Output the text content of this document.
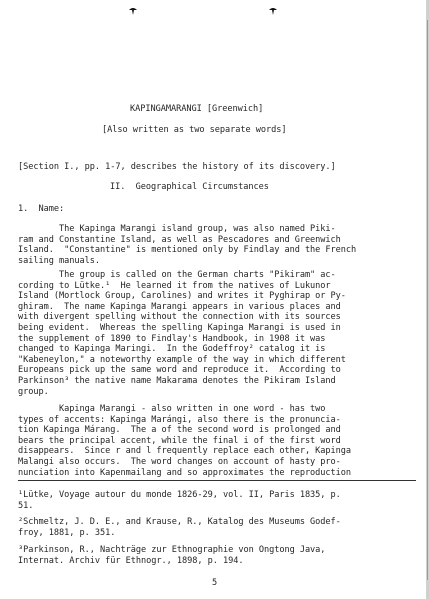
KAPINGAMARANGI [Greenwich]
[Also written as two separate words]
[Section I., pp. 1-7, describes the history of its discovery.]
II.  Geographical Circumstances
1.  Name:
The Kapinga Marangi island group, was also named Piki-
ram and Constantine Island, as well as Pescadores and Greenwich
Island.  "Constantine" is mentioned only by Findlay and the French
sailing manuals.
The group is called on the German charts "Pikiram" ac-
cording to Lütke.¹  He learned it from the natives of Lukunor
Island (Mortlock Group, Carolines) and writes it Pyghirap or Py-
ghiram.  The name Kapinga Marangi appears in various places and
with divergent spelling without the connection with its sources
being evident.  Whereas the spelling Kapinga Marangi is used in
the supplement of 1890 to Findlay's Handbook, in 1908 it was
changed to Kapinga Maringi.  In the Godeffroy² catalog it is
"Kabeneylon," a noteworthy example of the way in which different
Europeans pick up the same word and reproduce it.  According to
Parkinson³ the native name Makarama denotes the Pikiram Island
group.
Kapinga Marangi - also written in one word - has two
types of accents: Kapinga Marángi, also there is the pronuncia-
tion Kapinga Márang.  The a of the second word is prolonged and
bears the principal accent, while the final i of the first word
disappears.  Since r and l frequently replace each other, Kapinga
Malangi also occurs.  The word changes on account of hasty pro-
nunciation into Kapenmailang and so approximates the reproduction
¹Lütke, Voyage autour du monde 1826-29, vol. II, Paris 1835, p.
51.
²Schmeltz, J. D. E., and Krause, R., Katalog des Museums Godef-
froy, 1881, p. 351.
³Parkinson, R., Nachträge zur Ethnographie von Ongtong Java,
Internat. Archiv für Ethnogr., 1898, p. 194.
5
